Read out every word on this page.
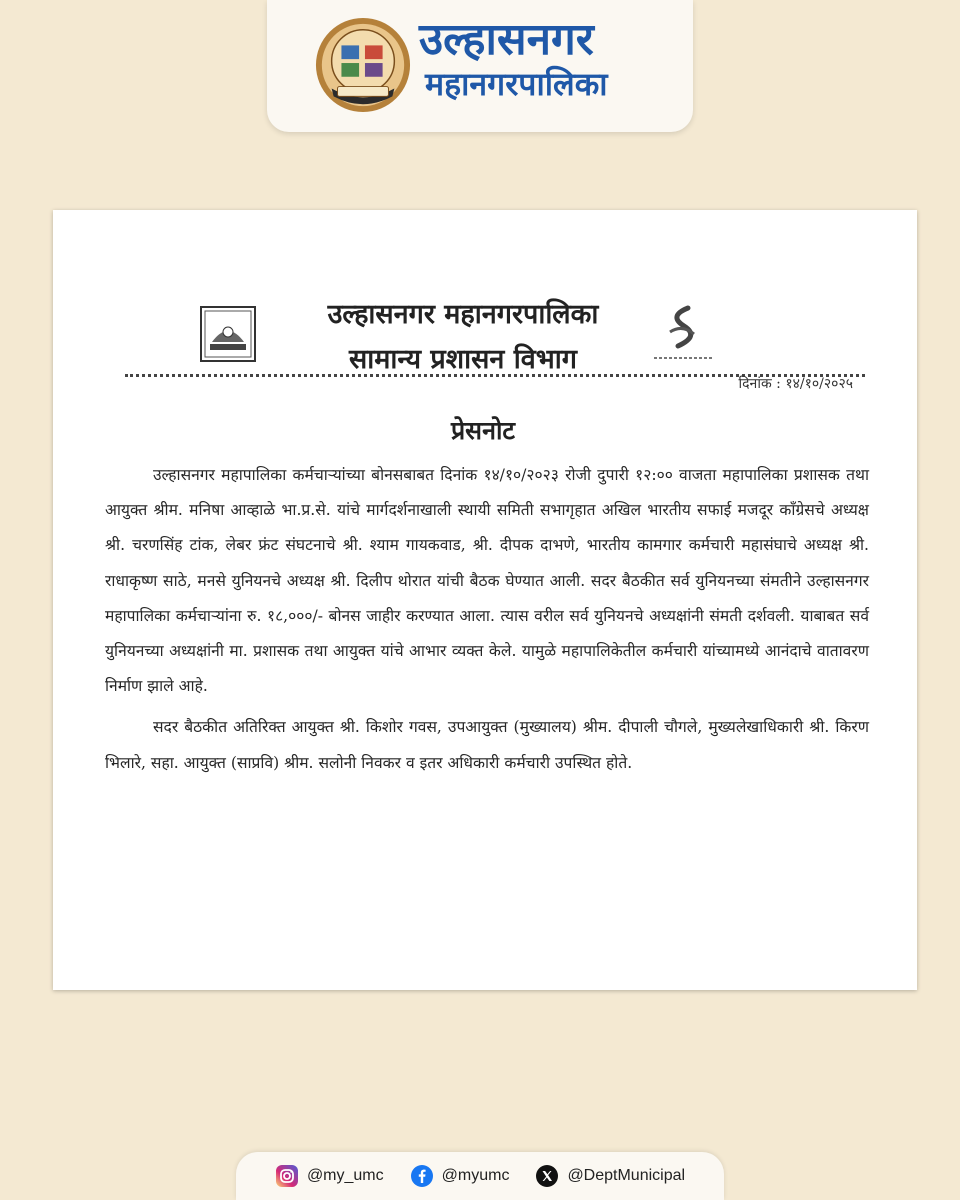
उल्हासनगर
महानगरपालिका
उल्हासनगर महानगरपालिका
सामान्य प्रशासन विभाग
दिनांक : १४/१०/२०२५
प्रेसनोट

उल्हासनगर महापालिका कर्मचाऱ्यांच्या बोनसबाबत दिनांक १४/१०/२०२३ रोजी दुपारी १२:०० वाजता महापालिका प्रशासक तथा आयुक्त श्रीम. मनिषा आव्हाळे भा.प्र.से. यांचे मार्गदर्शनाखाली स्थायी समिती सभागृहात अखिल भारतीय सफाई मजदूर काँग्रेसचे अध्यक्ष श्री. चरणसिंह टांक, लेबर फ्रंट संघटनाचे श्री. श्याम गायकवाड, श्री. दीपक दाभणे, भारतीय कामगार कर्मचारी महासंघाचे अध्यक्ष श्री. राधाकृष्ण साठे, मनसे युनियनचे अध्यक्ष श्री. दिलीप थोरात यांची बैठक घेण्यात आली. सदर बैठकीत सर्व युनियनच्या संमतीने उल्हासनगर महापालिका कर्मचाऱ्यांना रु. १८,०००/- बोनस जाहीर करण्यात आला. त्यास वरील सर्व युनियनचे अध्यक्षांनी संमती दर्शवली. याबाबत सर्व युनियनच्या अध्यक्षांनी मा. प्रशासक तथा आयुक्त यांचे आभार व्यक्त केले. यामुळे महापालिकेतील कर्मचारी यांच्यामध्ये आनंदाचे वातावरण निर्माण झाले आहे.

सदर बैठकीत अतिरिक्त आयुक्त श्री. किशोर गवस, उपआयुक्त (मुख्यालय) श्रीम. दीपाली चौगले, मुख्यलेखाधिकारी श्री. किरण भिलारे, सहा. आयुक्त (साप्रवि) श्रीम. सलोनी निवकर व इतर अधिकारी कर्मचारी उपस्थित होते.

@my_umc	@myumc	@DeptMunicipal
